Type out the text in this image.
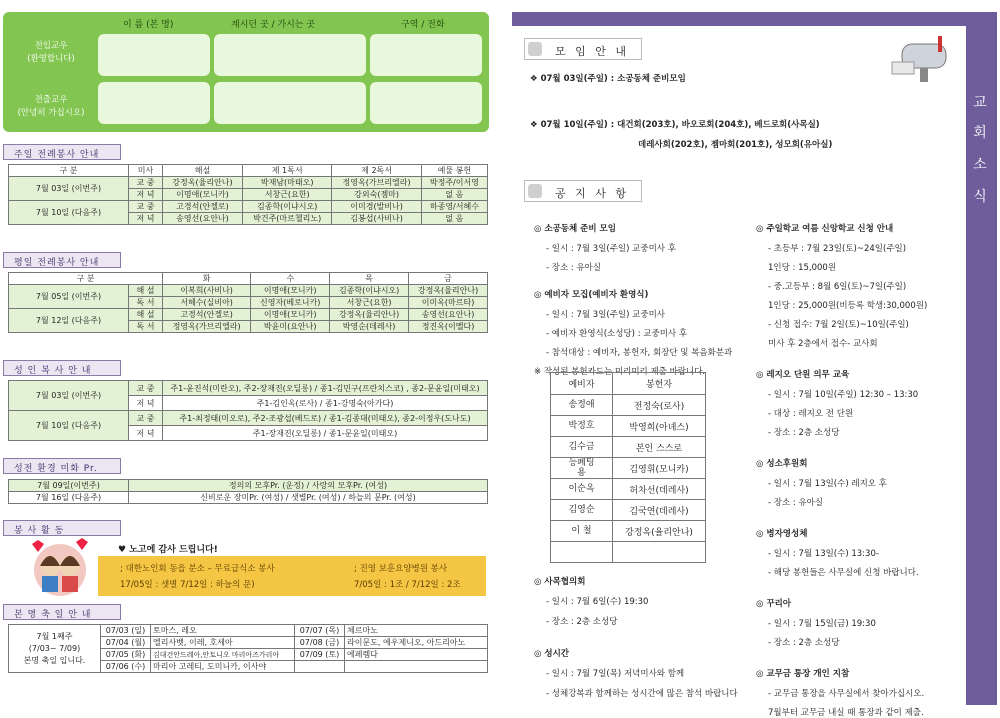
이 름 (본 명)	계시던 곳 / 가시는 곳	구역 / 전화
전입교우
(환영합니다)
전출교우
(안녕히 가십시오)
주일 전례봉사 안내
구 분	미사	해설	제 1독서	제 2독서	예물 봉헌
7월 03일 (이번주)	교 중	강정옥(율리안나)	박재남(마태오)	정영옥(가브리엘라)	박정주/이서영
	저 녁	이명애(모니카)	서창근(요한)	강외숙(젬마)	없 음
7월 10일 (다음주)	교 중	고경석(안젤로)	김종학(이냐시오)	이미경(발비나)	하종영/서혜수
	저 녁	송영선(요안나)	박건주(마르첼리노)	김봉섭(사비나)	없 음
평일 전례봉사 안내
구 분		화	수	목	금
7월 05일 (이번주)	해 설	이복희(사비나)	이명애(모니카)	김종학(이냐시오)	강정옥(율리안나)
	독 서	서혜수(실비아)	신영자(베로니카)	서창근(요한)	이미옥(마르타)
7월 12일 (다음주)	해 설	고경석(안젤로)	이명애(모니카)	강정옥(율리안나)	송영선(요안나)
	독 서	정영옥(가브리엘라)	박윤미(요안나)	박영순(데레사)	정진옥(이멜다)
성 인 복 사 안 내
7월 03일 (이번주)	교 중	주1-윤진석(미란오), 주2-장재진(오딜롱) / 종1-김민구(프란치스코) , 종2-문윤일(미태오)
	저 녁	주1-김인옥(로사) / 종1-강명숙(아가다)
7월 10일 (다음주)	교 중	주1-최정태(미오로), 주2-조광섭(베드로) / 종1-김종대(미태오), 종2-이정우(도나도)
	저 녁	주1-장재진(오딜롱) / 종1-문윤일(미태오)
성전 환경 미화 Pr.
7월 09일(이번주)	정의의 모후Pr. (운정) / 사랑의 모후Pr. (여성)
7월 16일 (다음주)	신비로운 장미Pr. (여성) / 샛별Pr. (여성) / 하늘의 문Pr. (여성)
봉 사 활 동
♥ 노고에 감사 드립니다!
; 대한노인회 동읍 분소 – 무료급식소 봉사
17/05일 : 샛별 7/12일 : 하늘의 문)
; 진영 보훈요양병원 봉사
7/05일 : 1조 / 7/12일 : 2조
본 명 축 일 안 내
7월 1째주
(7/03~ 7/09)
본명 축일 입니다.	07/03 (일)	토마스, 레오	07/07 (목)	체르마노
	07/04 (월)	엘리사벳, 이레, 호세아	07/08 (금)	라이문도, 에우제니오, 아드리아노
	07/05 (화)	김대건안드레아,안토니오 마리아즈가리아	07/09 (토)	에페렘다
	07/06 (수)	마리아 고레티, 도미니카, 이사야		
교
회
소
식
모 임 안 내
❖ 07월 03일(주일) : 소공동체 준비모임
❖ 07월 10일(주일) : 대건회(203호), 바오로회(204호), 베드로회(사목실)
데레사회(202호), 젬마회(201호), 성모회(유아실)
공 지 사 항
◎ 소공동체 준비 모임
- 일시 : 7월 3일(주일) 교중미사 후
- 장소 : 유아실
◎ 예비자 모집(예비자 환영식)
- 일시 : 7월 3일(주일) 교중미사
- 예비자 환영식(소성당) : 교중미사 후
- 참석대상 : 예비자, 봉헌자, 회장단 및 복음화분과
※ 작성된 봉헌카드는 미리미리 제출 바랍니다.
예비자	봉헌자
송정애	전정숙(로사)
박정호	박영희(아녜스)
김수금	본인 스스로
등폐팅
용	김영휘(모니카)
이순옥	허차선(데레사)
김영순	김국연(데레사)
이 철	강정옥(율리안나)

◎ 사목협의회
- 일시 : 7월 6일(수) 19:30
- 장소 : 2층 소성당
◎ 성시간
- 일시 : 7월 7일(목) 저녁미사와 함께
- 성체강복과 함께하는 성시간에 많은 참석 바랍니다
◎ 주일학교 여름 신앙학교 신청 안내
- 초등부 : 7월 23일(토)~24일(주일)
1인당 : 15,000원
- 중.고등부 : 8월 6일(토)~7일(주일)
1인당 : 25,000원(비등록 학생:30,000원)
- 신청 접수: 7월 2일(토)~10일(주일)
미사 후 2층에서 접수- 교사회
◎ 레지오 단원 의무 교육
- 일시 : 7월 10일(주일) 12:30 – 13:30
- 대상 : 레지오 전 단원
- 장소 : 2층 소성당
◎ 성소후원회
- 일시 : 7월 13일(수) 레지오 후
- 장소 : 유아실
◎ 병자영성체
- 일시 : 7월 13일(수) 13:30-
- 해당 봉헌들은 사무실에 신청 바랍니다.
◎ 꾸리아
- 일시 : 7월 15일(금) 19:30
- 장소 : 2층 소성당
◎ 교무금 통장 개인 지참
- 교무금 통장을 사무실에서 찾아가십시오.
7월부터 교무금 내실 때 통장과 같이 제출.
